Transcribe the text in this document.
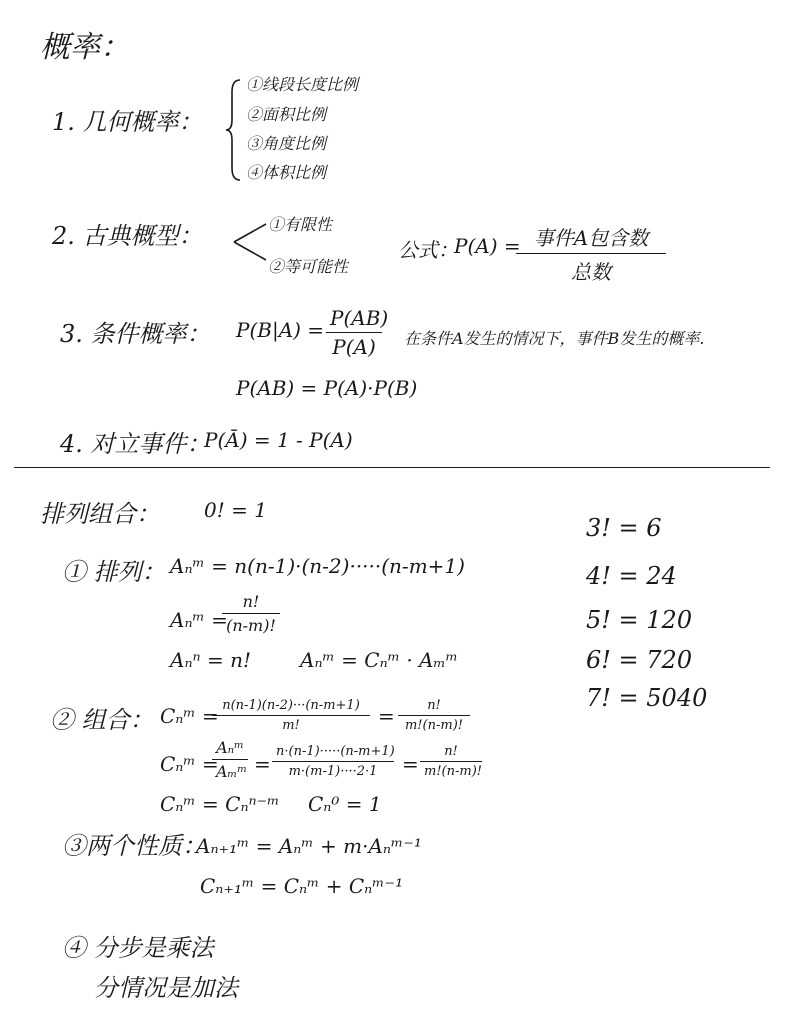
概率：
1. 几何概率：
①线段长度比例
②面积比例
③角度比例
④体积比例
2. 古典概型：	①有限性
②等可能性
公式：
P(A) = 事件A包含数
总数
3. 条件概率： P(B|A) = P(AB)
P(A)	在条件A发生的情况下，事件B发生的概率.
P(AB) = P(A)·P(B)
4. 对立事件：
P(Ā) = 1 - P(A)
排列组合： 0! = 1
3! = 6
4! = 24
5! = 120
6! = 720
7! = 5040
① 排列： Aₙᵐ = n(n-1)·(n-2)·····(n-m+1)
Aₙᵐ =
n!
(n-m)!
Aₙⁿ = n! Aₙᵐ = Cₙᵐ · Aₘᵐ
② 组合： Cₙᵐ = n(n-1)(n-2)···(n-m+1)
m!	=	n!
m!(n-m)!
Cₙᵐ =
Aₙᵐ
Aₘᵐ =
n·(n-1)·····(n-m+1)
m·(m-1)····2·1	=
n!
m!(n-m)!
Cₙᵐ = Cₙⁿ⁻ᵐ Cₙ⁰ = 1
③两个性质：
Aₙ₊₁ᵐ = Aₙᵐ + m·Aₙᵐ⁻¹
Cₙ₊₁ᵐ = Cₙᵐ + Cₙᵐ⁻¹
④ 分步是乘法
分情况是加法
